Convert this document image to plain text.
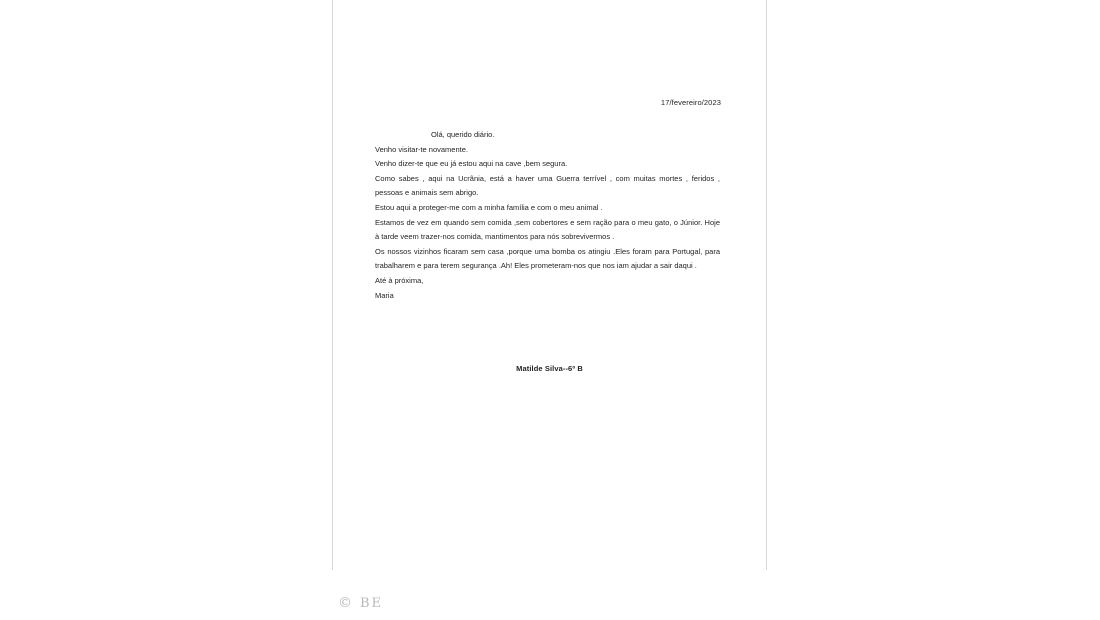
17/fevereiro/2023

Olá, querido diário.

Venho visitar-te novamente.

Venho dizer-te que eu já estou aqui na cave ,bem segura.

Como sabes , aqui na Ucrânia, está a haver uma Guerra terrível , com muitas mortes , feridos , pessoas e animais sem abrigo.

Estou aqui a proteger-me com a minha família e com o meu animal .

Estamos de vez em quando sem comida ,sem cobertores e sem ração para o meu gato, o Júnior. Hoje à tarde veem trazer-nos comida, mantimentos para nós sobrevivermos .

Os nossos vizinhos ficaram sem casa ,porque uma bomba os atingiu .Eles foram para Portugal, para trabalharem e para terem segurança .Ah! Eles prometeram-nos que nos iam ajudar a sair daqui .

Até à próxima,

Maria

Matilde Silva--6º B
© BE
